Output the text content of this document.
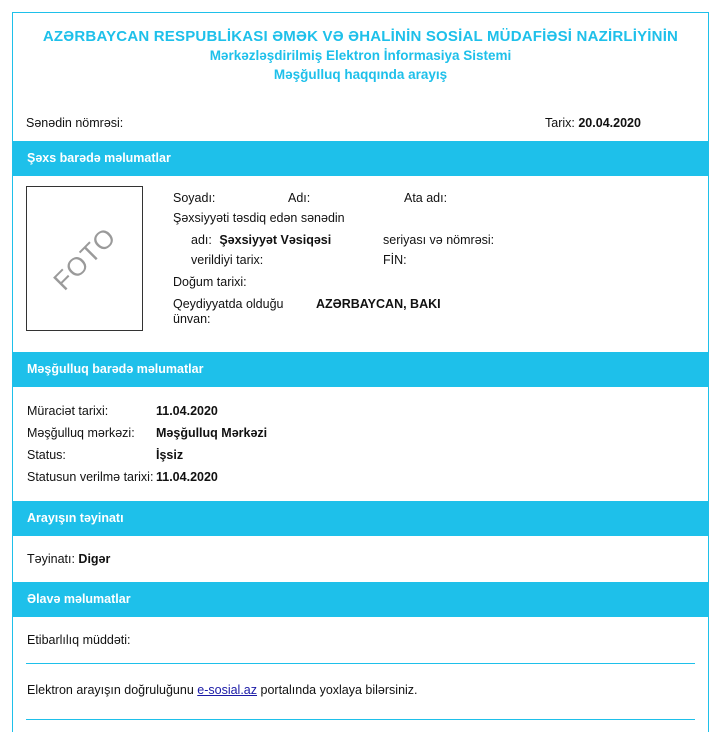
AZƏRBAYCAN RESPUBLİKASI ƏMƏK VƏ ƏHALİNİN SOSİAL MÜDAFİƏSİ NAZİRLİYİNİN
Mərkəzləşdirilmiş Elektron İnformasiya Sistemi
Məşğulluq haqqında arayış
Sənədin nömrəsi:	Tarix: 20.04.2020
Şəxs barədə məlumatlar
FOTO
Soyadı:	Adı:	Ata adı:
Şəxsiyyəti təsdiq edən sənədin
adı: Şəxsiyyət Vəsiqəsi	seriyası və nömrəsi:
verildiyi tarix:	FİN:
Doğum tarixi:
Qeydiyyatda olduğu
ünvan:
AZƏRBAYCAN, BAKI
Məşğulluq barədə məlumatlar
Müraciət tarixi:	11.04.2020
Məşğulluq mərkəzi: Məşğulluq Mərkəzi
Status:	İşsiz
Statusun verilmə tarixi: 11.04.2020
Arayışın təyinatı
Təyinatı: Digər
Əlavə məlumatlar
Etibarlılıq müddəti:
Elektron arayışın doğruluğunu e-sosial.az portalında yoxlaya bilərsiniz.
